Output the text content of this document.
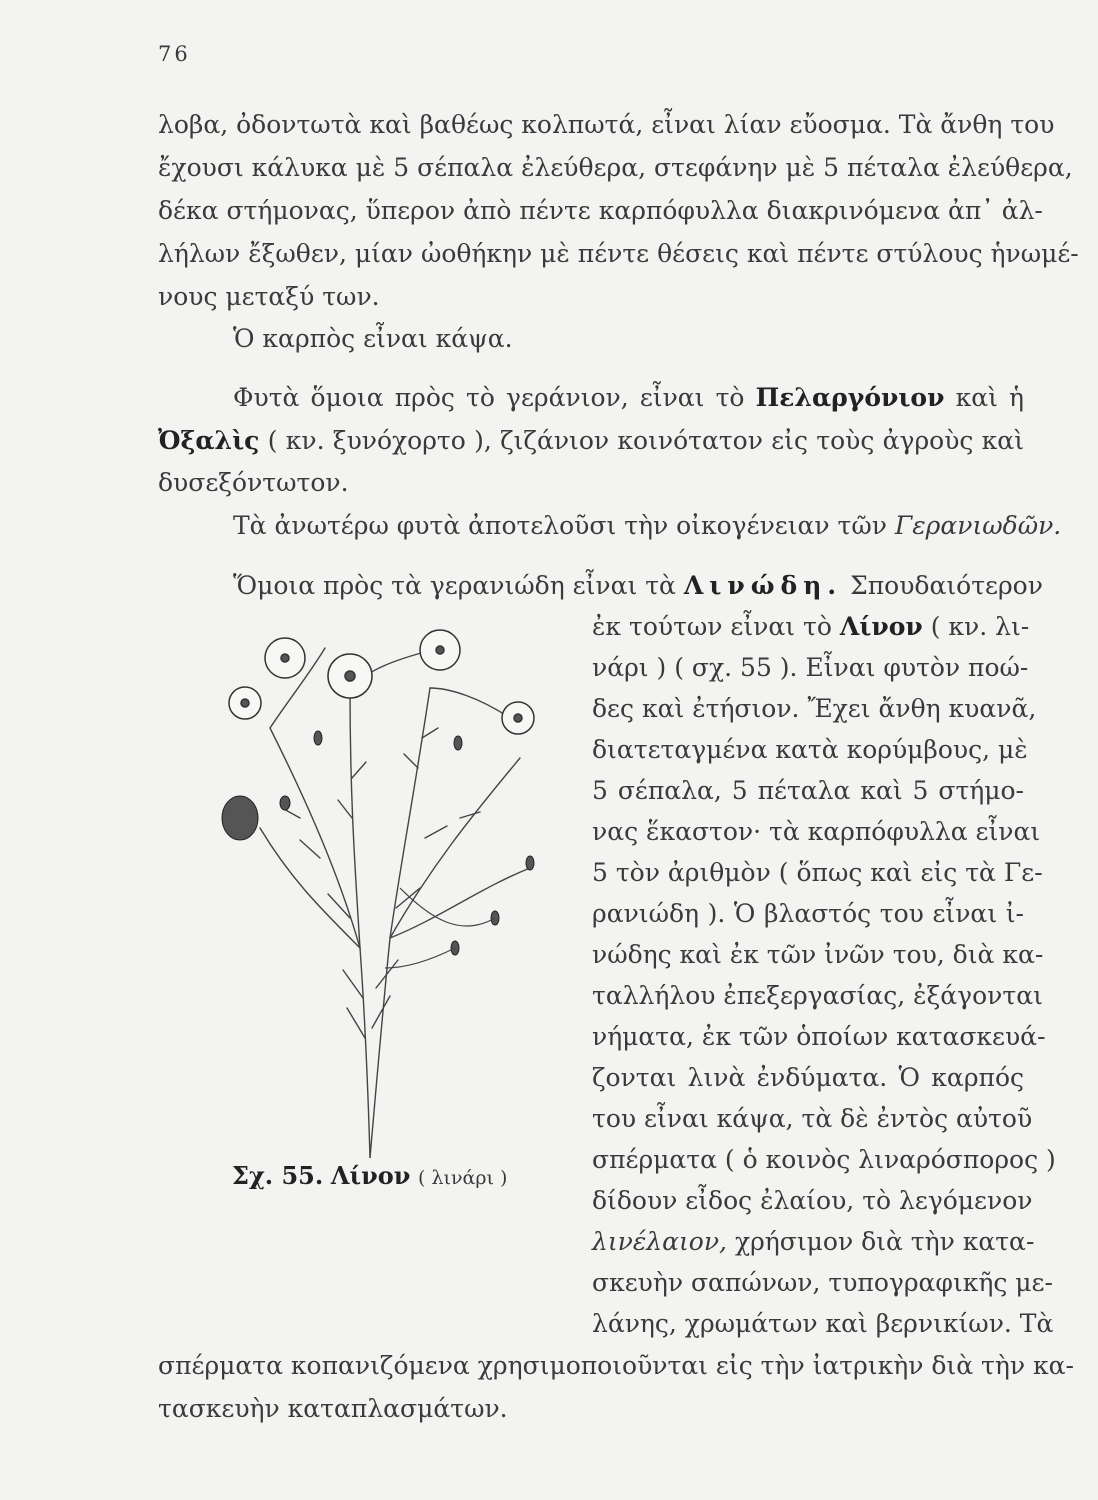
76
λοβα, ὀδοντωτὰ καὶ βαθέως κολπωτά, εἶναι λίαν εὔοσμα. Τὰ ἄνθη του
ἔχουσι κάλυκα μὲ 5 σέπαλα ἐλεύθερα, στεφάνην μὲ 5 πέταλα ἐλεύθερα,
δέκα στήμονας, ὕπερον ἀπὸ πέντε καρπόφυλλα διακρινόμενα ἀπ᾿ ἀλ-
λήλων ἔξωθεν, μίαν ὠοθήκην μὲ πέντε θέσεις καὶ πέντε στύλους ἡνωμέ-
νους μεταξύ των.
Ὁ καρπὸς εἶναι κάψα.
Φυτὰ ὅμοια πρὸς τὸ γεράνιον, εἶναι τὸ Πελαργόνιον καὶ ἡ
Ὀξαλὶς ( κν. ξυνόχορτο ), ζιζάνιον κοινότατον εἰς τοὺς ἀγροὺς καὶ
δυσεξόντωτον.
Τὰ ἀνωτέρω φυτὰ ἀποτελοῦσι τὴν οἰκογένειαν τῶν Γερανιωδῶν.
Ὅμοια πρὸς τὰ γερανιώδη εἶναι τὰ Λινώδη. Σπουδαιότερον
ἐκ τούτων εἶναι τὸ Λίνον ( κν. λι-
νάρι ) ( σχ. 55 ). Εἶναι φυτὸν ποώ-
δες καὶ ἐτήσιον. Ἔχει ἄνθη κυανᾶ,
διατεταγμένα κατὰ κορύμβους, μὲ
5 σέπαλα, 5 πέταλα καὶ 5 στήμο-
νας ἕκαστον· τὰ καρπόφυλλα εἶναι
5 τὸν ἀριθμὸν ( ὅπως καὶ εἰς τὰ Γε-
ρανιώδη ). Ὁ βλαστός του εἶναι ἰ-
νώδης καὶ ἐκ τῶν ἰνῶν του, διὰ κα-
ταλλήλου ἐπεξεργασίας, ἐξάγονται
νήματα, ἐκ τῶν ὁποίων κατασκευά-
ζονται λινὰ ἐνδύματα. Ὁ καρπός
του εἶναι κάψα, τὰ δὲ ἐντὸς αὐτοῦ
σπέρματα ( ὁ κοινὸς λιναρόσπορος )
δίδουν εἶδος ἐλαίου, τὸ λεγόμενον
λινέλαιον, χρήσιμον διὰ τὴν κατα-
σκευὴν σαπώνων, τυπογραφικῆς με-
λάνης, χρωμάτων καὶ βερνικίων. Τὰ
σπέρματα κοπανιζόμενα χρησιμοποιοῦνται εἰς τὴν ἰατρικὴν διὰ τὴν κα-
τασκευὴν καταπλασμάτων.
Σχ. 55. Λίνον ( λινάρι )
